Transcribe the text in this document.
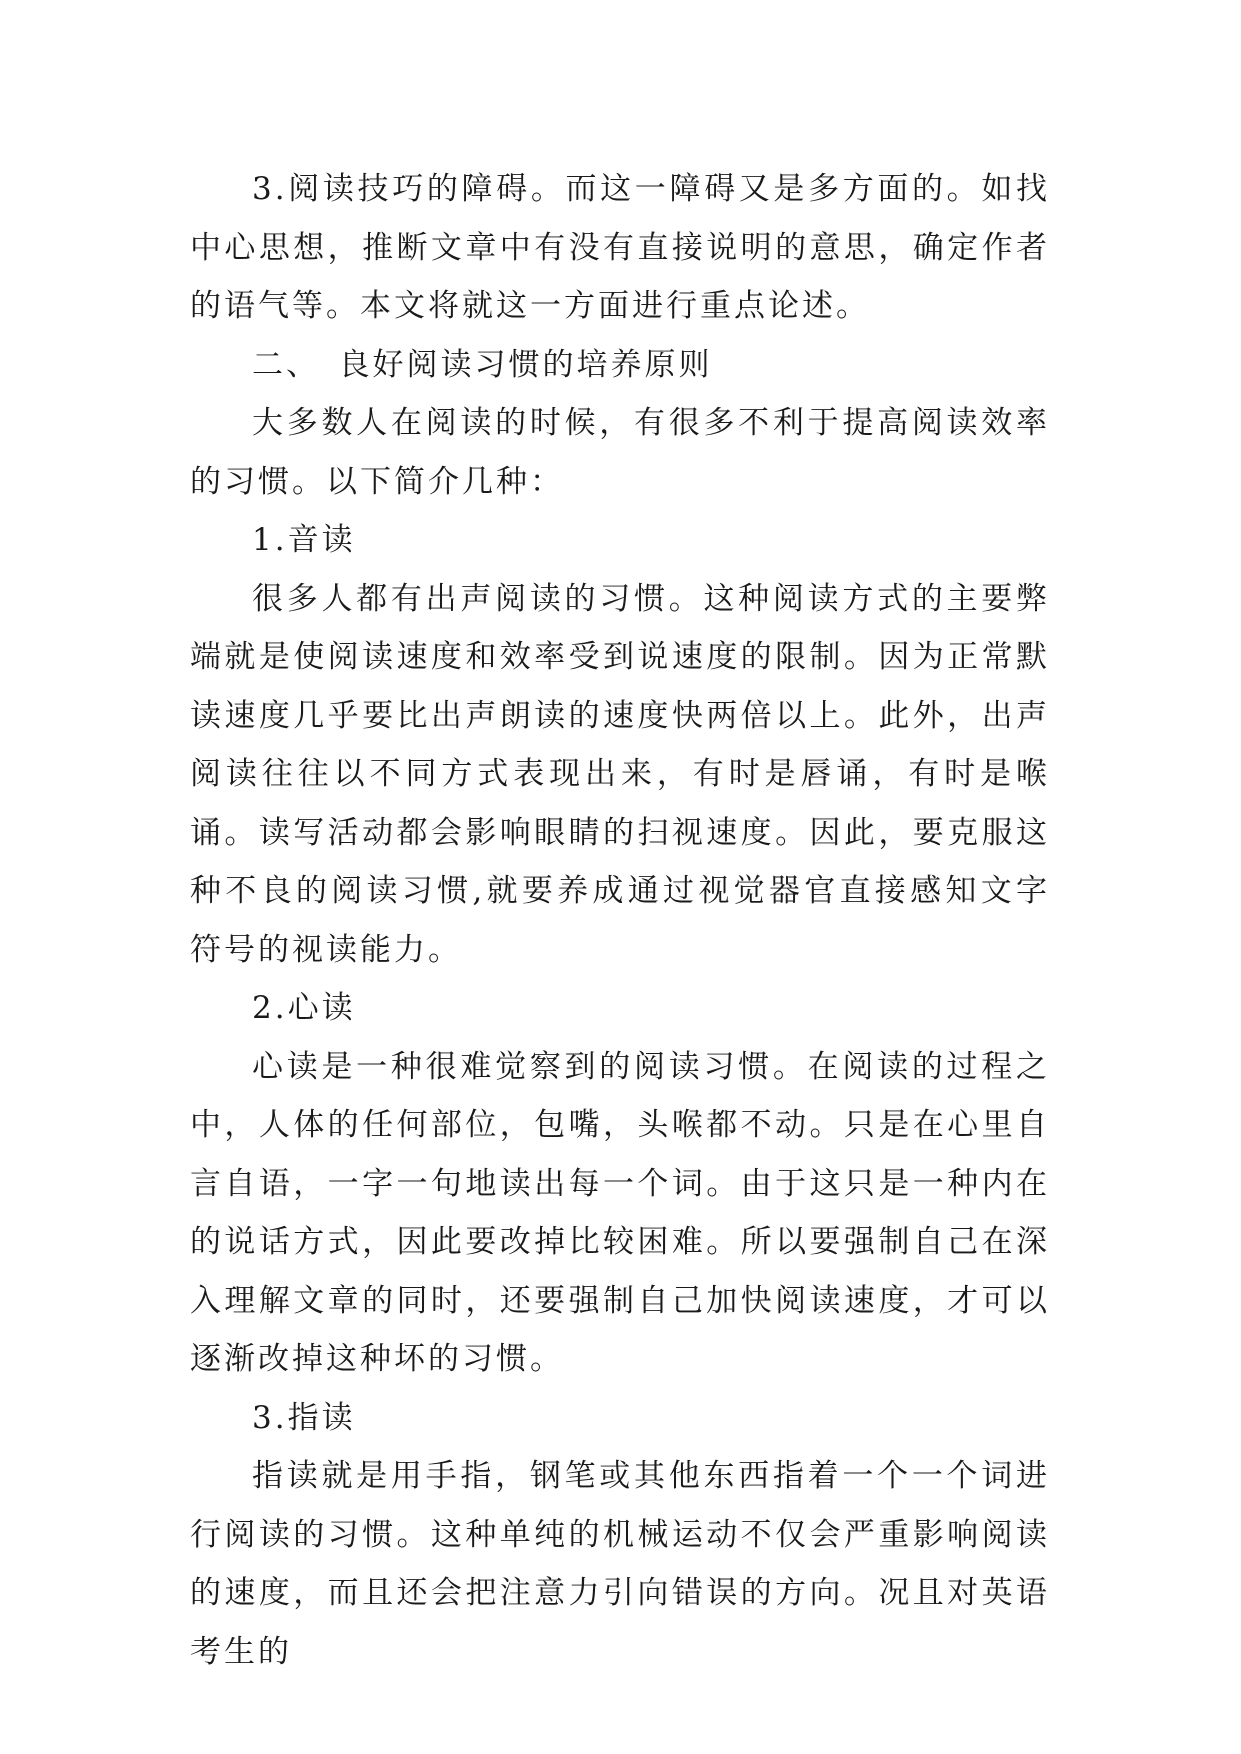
3.阅读技巧的障碍。而这一障碍又是多方面的。如找中心思想，推断文章中有没有直接说明的意思，确定作者的语气等。本文将就这一方面进行重点论述。

二、　良好阅读习惯的培养原则

大多数人在阅读的时候，有很多不利于提高阅读效率的习惯。以下简介几种：

1.音读

很多人都有出声阅读的习惯。这种阅读方式的主要弊端就是使阅读速度和效率受到说速度的限制。因为正常默读速度几乎要比出声朗读的速度快两倍以上。此外，出声阅读往往以不同方式表现出来，有时是唇诵，有时是喉诵。读写活动都会影响眼睛的扫视速度。因此，要克服这种不良的阅读习惯,就要养成通过视觉器官直接感知文字符号的视读能力。

2.心读

心读是一种很难觉察到的阅读习惯。在阅读的过程之中，人体的任何部位，包嘴，头喉都不动。只是在心里自言自语，一字一句地读出每一个词。由于这只是一种内在的说话方式，因此要改掉比较困难。所以要强制自己在深入理解文章的同时，还要强制自己加快阅读速度，才可以逐渐改掉这种坏的习惯。

3.指读

指读就是用手指，钢笔或其他东西指着一个一个词进行阅读的习惯。这种单纯的机械运动不仅会严重影响阅读的速度，而且还会把注意力引向错误的方向。况且对英语考生的
